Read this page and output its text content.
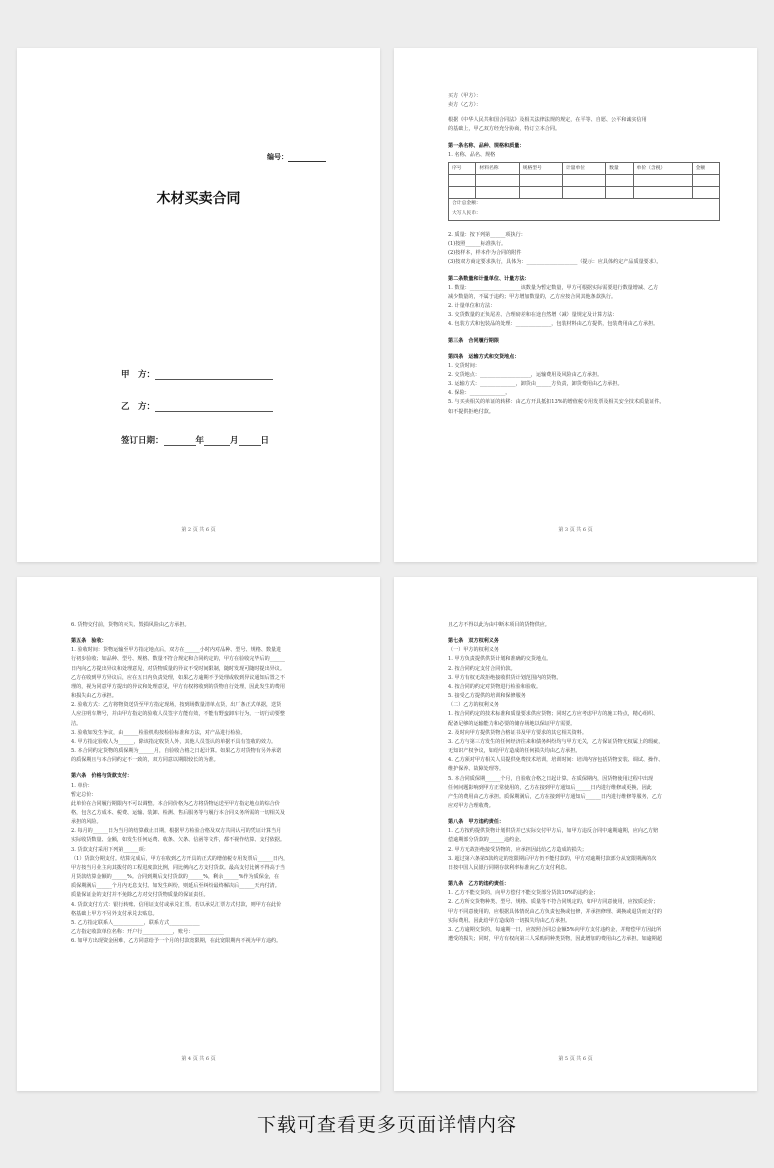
编号：
木材买卖合同
甲　方：
乙　方：
签订日期：	年	月	日
第 2 页 共 6 页

买方（甲方）：

卖方（乙方）：

根据《中华人民共和国合同法》及相关法律法规的规定，在平等、自愿、公平和诚实信用

的基础上，甲乙双方经充分协商，特订立本合同。

第一条名称、品种、规格和质量：

1. 名称、品名、规格

序号	材料名称	规格型号	计量单位	数量	单价（含税）	金额

合计总金额：
大写人民币：						

2. 质量：按下列第______项执行：

(1)按照______标准执行。

(2)按样本，样本作为合同的附件

(3)按双方商定要求执行，具体为：____________________（提示：应具体约定产品质量要求）。

第二条数量和计量单位、计量方法：

1. 数量：____________________该数量为暂定数量，甲方可根据实际需要进行数量增减、乙方

减少数量的，不属于违约；甲方增加数量的，乙方应按合同其他条款执行。

2. 计量单位和方法：

3. 交货数量的正负尾差、合理磅差和在途自然增（减）量规定及计算方法：

4. 包装方式和包装品的处理：______________，包装材料由乙方提供，包装费用由乙方承担。

第三条　合同履行期限

第四条　运输方式和交货地点：

1. 交货时间：

2. 交货地点：____________________，运输费用及风险由乙方承担。

3. 运输方式：______________，卸货由______方负责，卸货费用由乙方承担。

4. 保险：______________。

5. 与买卖相关的单证的转移：由乙方开具抵扣13%的增值税专用发票及相关安全技术质量证件。

如不提供拒绝付款。

第 3 页 共 6 页

6. 货物交付前，货物的灭失、毁损风险由乙方承担。

第五条　验收：

1. 验收时间：货物运输至甲方指定地点后，双方在______小时内对品种、型号、规格、数量进

行初步验收；如品种、型号、规格、数量不符合规定和合同约定的，甲方在验收完毕后的______

日内向乙方提出异议和处理意见，对货物质量的异议不受时间限制，随时发现可随时提出异议。

乙方在收到甲方异议后，应在五日内负责处理，如果乙方逾期不予处理或收到异议通知后置之不

理的，视为同意甲方提出的异议和处理意见，甲方有权将收到的货物自行处理，因此发生的费用

和损失由乙方承担。

2. 验收方式：乙方将物资送货至甲方指定现场，按到场数量清单点货，出厂条正式单据，送货

人应注明车牌号，并由甲方指定的验收人员签字方能有效，不能有野蛮卸车行为，一切行动要整

洁。

3. 验收如发生争议，由______检验机构按检验标准和方法，对产品进行检验。

4. 甲方指定验收人为______，除该指定收货人外，其他人员签认的单据不具有签收的效力。

5. 本合同约定货物的质保期为______月，自验收合格之日起计算。如果乙方对货物有另外承诺

的质保期且与本合同约定不一致的，双方同意以期限较长的为准。

第六条　价格与货款支付：

1. 单价：

暂定总价：

此单价在合同履行期限内不可以调整。本合同价格为乙方将货物运送至甲方指定地点的综合价

格，包含乙方成本、税费、运输、装卸、检测、售后服务等与履行本合同义务所需的一切相关及

承担的风险。

2. 每月的______日为当月的结算截止日期，根据甲方检验合格及双方共同认可的凭证计算当月

实际收货数量、金额，如发生任何运费、收条、欠条、信函等文件，都不视作结算、支付依据。

3. 货款支付采用下列第______项：

（1）货款分期支付。结算完成后，甲方在收到乙方开具的正式的增值税专用发票后______日内，

甲方按当月业主向其拨付的工程进度款比例，同比例向乙方支付货款。最高支付比例不得高于当

月货款结算金额的______%。合同到期后支付货款的______%，剩余______%作为质保金，在

质保期满后______个月内无息支付。如发生纠纷，则延后至纠纷最终解决后______天内付清。

质量保证金的支付并不免除乙方对交付货物质量的保证责任。

4. 货款支付方式：银行转账、信用证支付或承兑汇票。若以承兑汇票方式付款，则甲方在此价

格基础上甲方不另外支付承兑去贴息。

5. 乙方指定联系人____________，联系方式____________

乙方指定收款单位名称：开户行____________，账号：____________

6. 如甲方出现资金困难，乙方同意给予一个月的付款宽限期，在此宽限期内不视为甲方违约。

第 4 页 共 6 页

且乙方不得以此为由中断本项目的货物供应。

第七条　双方权利义务

（一）甲方的权利义务

1. 甲方负责提供供货计划和准确的交货地点。

2. 按合同约定支付合同价款。

3. 甲方有权无故拒绝接收供货计划范围内的货物。

4. 按合同的约定对货物进行检验和验收。

5. 接受乙方提供的培训和保修服务

（二）乙方的权利义务

1. 按合同约定的技术标准和质量要求供应货物；同时乙方应考虑甲方的施工特点，精心组织、

配备足够的运输能力和必要的储存场地以保证甲方需要。

2. 及时向甲方提供货物合格证书及甲方要求的其它相关资料。

3. 乙方与第三方发生的任何经济往来和债务纠纷均与甲方无关，乙方保证货物无权属上的瑕疵，

无知识产权争议，如给甲方造成的任何损失均由乙方承担。

4. 乙方须对甲方相关人员提供免费技术培训，培训时间：培训内容包括货物安装、调试、操作、

维护保养、故障处理等。

5. 本合同质保期______个月，自验收合格之日起计算。在质保期内，因货物使用过程中出现

任何问题影响到甲方正常使用的，乙方在接到甲方通知后______日内进行维修或更换，因此

产生的费用由乙方承担。质保期满后，乙方在接到甲方通知后______日内进行维修等服务，乙方

应对甲方合理收费。

第八条　甲方违约责任：

1. 乙方按约提供货物计划供货并已实际交付甲方后，如甲方违反合同中逾期逾期，应向乙方赔

偿逾期部分货款的______违约金。

2. 甲方无故拒绝接受货物的，应承担因此给乙方造成的损失；

3. 超过第六条第5款约定的宽限期后甲方仍不能付款的，甲方对逾期付款部分从宽限期满的次

日按中国人民银行同期存款利率标准向乙方支付利息。

第九条　乙方的违约责任：

1. 乙方不能交货的，向甲方偿付不能交货部分货款10%的违约金；

2. 乙方所交货物种类、型号、规格、质量等不符合同规定的，如甲方同意使用，应按质论价；

甲方不同意使用的，应根据具体情况由乙方负责包换或包修，并承担修理、调换或退货而支付的

实际费用。因此给甲方造成的一切损失均由乙方承担。

3. 乙方逾期交货的，每逾期一日，应按照合同总金额5%向甲方支付违约金，并赔偿甲方因此所

遭受的损失；同时，甲方有权向第三人采购同种类货物，因此增加的费用由乙方承担。如逾期超

第 5 页 共 6 页
下载可查看更多页面详情内容
